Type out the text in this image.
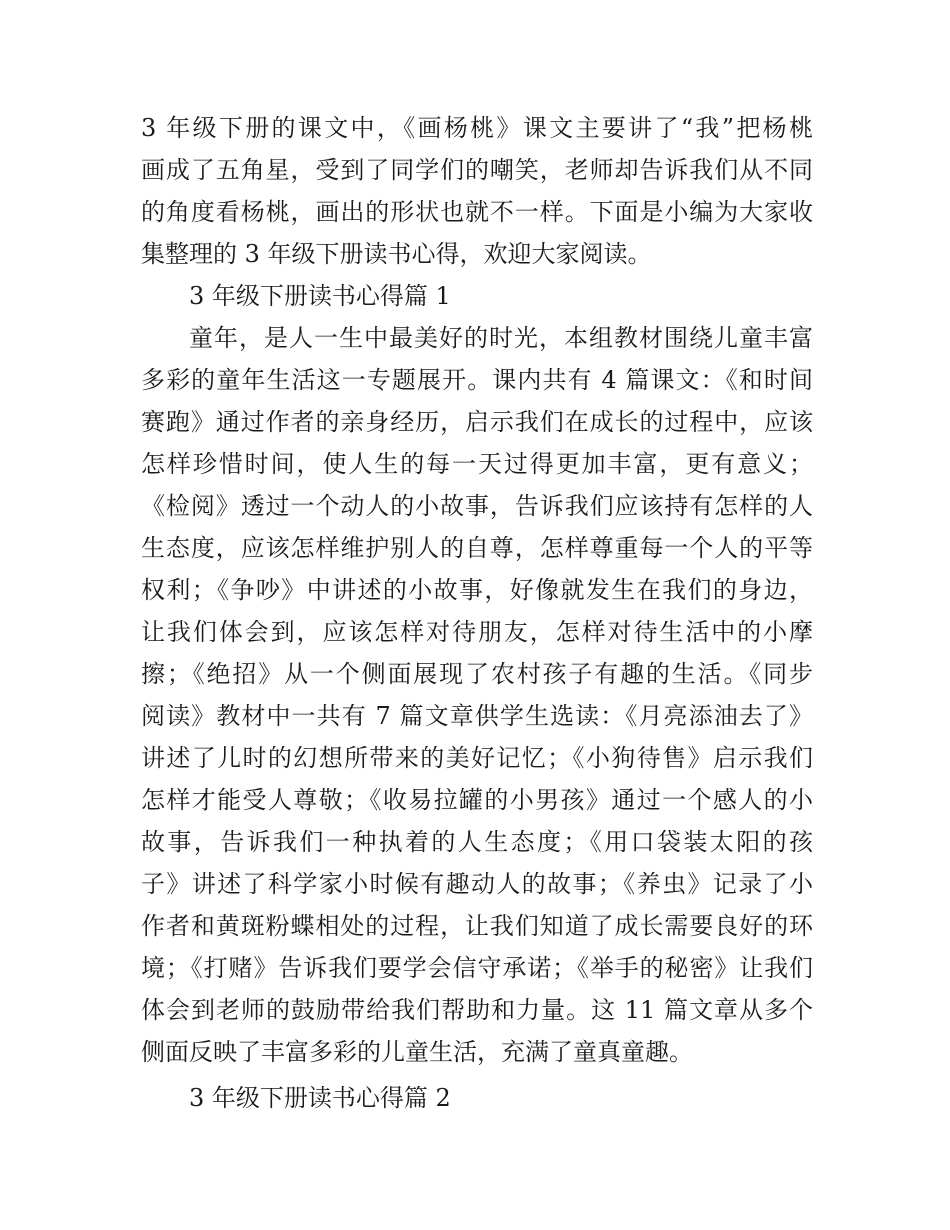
3 年级下册的课文中，《画杨桃》课文主要讲了“我”把杨桃
画成了五角星，受到了同学们的嘲笑，老师却告诉我们从不同
的角度看杨桃，画出的形状也就不一样。下面是小编为大家收
集整理的 3 年级下册读书心得，欢迎大家阅读。
3 年级下册读书心得篇 1
童年，是人一生中最美好的时光，本组教材围绕儿童丰富
多彩的童年生活这一专题展开。课内共有 4 篇课文：《和时间
赛跑》通过作者的亲身经历，启示我们在成长的过程中，应该
怎样珍惜时间，使人生的每一天过得更加丰富，更有意义；
《检阅》透过一个动人的小故事，告诉我们应该持有怎样的人
生态度，应该怎样维护别人的自尊，怎样尊重每一个人的平等
权利；《争吵》中讲述的小故事，好像就发生在我们的身边，
让我们体会到，应该怎样对待朋友，怎样对待生活中的小摩
擦；《绝招》从一个侧面展现了农村孩子有趣的生活。《同步
阅读》教材中一共有 7 篇文章供学生选读：《月亮添油去了》
讲述了儿时的幻想所带来的美好记忆；《小狗待售》启示我们
怎样才能受人尊敬；《收易拉罐的小男孩》通过一个感人的小
故事，告诉我们一种执着的人生态度；《用口袋装太阳的孩
子》讲述了科学家小时候有趣动人的故事；《养虫》记录了小
作者和黄斑粉蝶相处的过程，让我们知道了成长需要良好的环
境；《打赌》告诉我们要学会信守承诺；《举手的秘密》让我们
体会到老师的鼓励带给我们帮助和力量。这 11 篇文章从多个
侧面反映了丰富多彩的儿童生活，充满了童真童趣。
3 年级下册读书心得篇 2
